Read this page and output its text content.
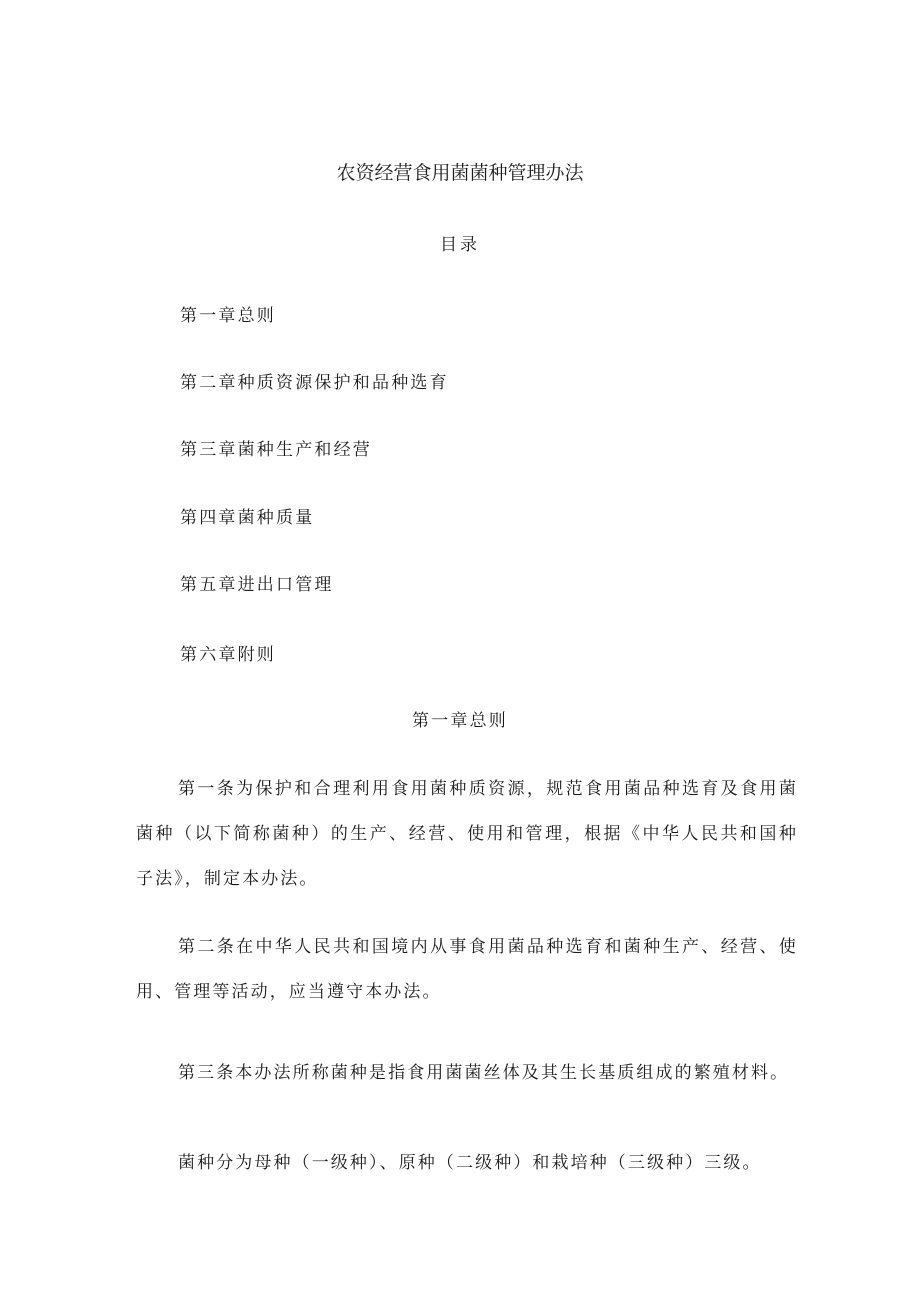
农资经营食用菌菌种管理办法
目录
第一章总则
第二章种质资源保护和品种选育
第三章菌种生产和经营
第四章菌种质量
第五章进出口管理
第六章附则
第一章总则
第一条为保护和合理利用食用菌种质资源，规范食用菌品种选育及食用菌菌种（以下简称菌种）的生产、经营、使用和管理，根据《中华人民共和国种子法》，制定本办法。
第二条在中华人民共和国境内从事食用菌品种选育和菌种生产、经营、使用、管理等活动，应当遵守本办法。
第三条本办法所称菌种是指食用菌菌丝体及其生长基质组成的繁殖材料。
菌种分为母种（一级种）、原种（二级种）和栽培种（三级种）三级。
